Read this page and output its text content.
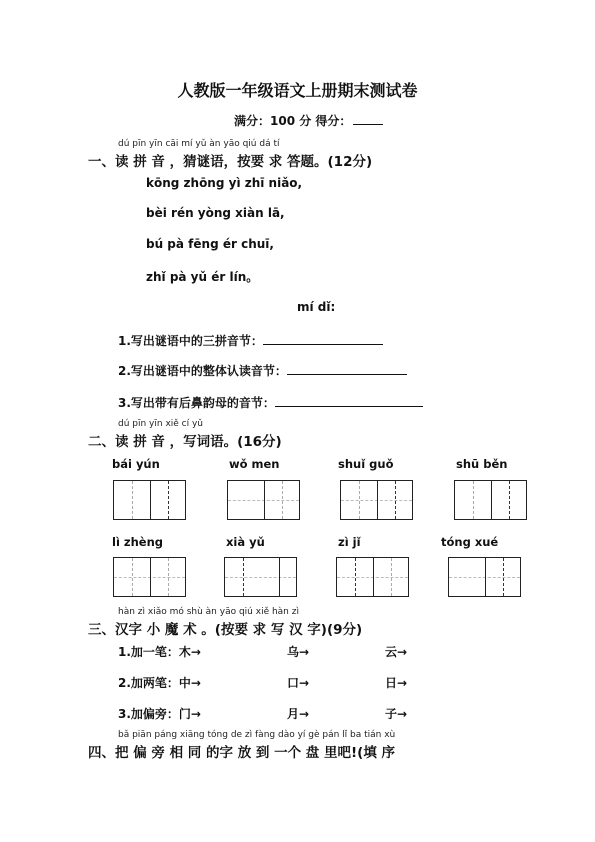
人教版一年级语文上册期末测试卷
满分：100 分 得分：
dú pīn yīn cāi mí yǔ àn yāo qiú dá tí
一、读 拼 音 ，猜谜语，按要 求 答题。(12分)
kōng zhōng yì zhī niǎo,
bèi rén yòng xiàn lā,
bú pà fēng ér chuī,
zhǐ pà yǔ ér lín。
mí dǐ:
1.写出谜语中的三拼音节：
2.写出谜语中的整体认读音节：
3.写出带有后鼻韵母的音节：
dú pīn yīn xiě cí yǔ
二、读 拼 音 ，写词语。(16分)
bái yún	wǒ men	shuǐ guǒ	shū běn
lì zhèng	xià yǔ	zì jǐ	tóng xué
hàn zì xiǎo mó shù àn yāo qiú xiě hàn zì
三、汉字 小 魔 术 。(按要 求 写 汉 字)(9分)
1.加一笔：木→	乌→	云→
2.加两笔：中→	口→	日→
3.加偏旁：门→	月→	子→
bǎ piān páng xiāng tóng de zì fàng dào yí gè pán lǐ ba tián xù
四、把 偏 旁 相 同 的字 放 到 一个 盘 里吧!(填 序
